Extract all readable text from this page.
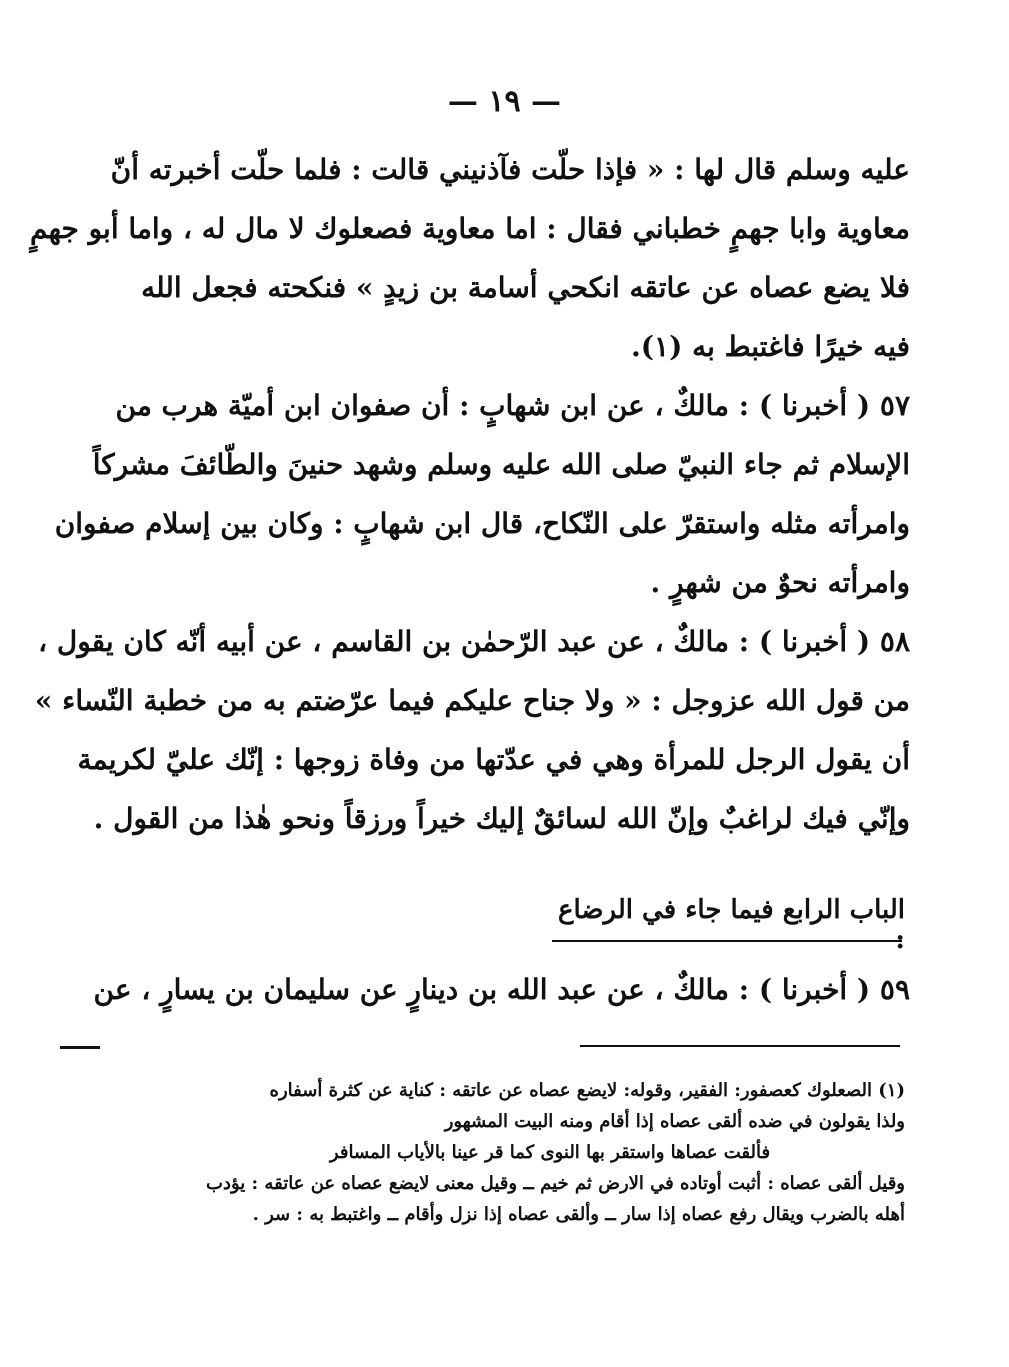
— ١٩ —
عليه وسلم قال لها : « فإذا حلّت فآذنيني قالت : فلما حلّت أخبرته أنّ
معاوية وابا جهمٍ خطباني فقال : اما معاوية فصعلوك لا مال له ، واما أبو جهمٍ
فلا يضع عصاه عن عاتقه انكحي أسامة بن زيدٍ » فنكحته فجعل الله
فيه خيرًا فاغتبط به (١).
٥٧ ( أخبرنا ) : مالكٌ ، عن ابن شهابٍ : أن صفوان ابن أميّة هرب من
الإسلام ثم جاء النبيّ صلى الله عليه وسلم وشهد حنينَ والطّائفَ مشركاً
وامرأته مثله واستقرّ على النّكاح، قال ابن شهابٍ : وكان بين إسلام صفوان
وامرأته نحوٌ من شهرٍ .
٥٨ ( أخبرنا ) : مالكٌ ، عن عبد الرّحمٰن بن القاسم ، عن أبيه أنّه كان يقول ،
من قول الله عزوجل : « ولا جناح عليكم فيما عرّضتم به من خطبة النّساء »
أن يقول الرجل للمرأة وهي في عدّتها من وفاة زوجها : إنّك عليّ لكريمة
وإنّي فيك لراغبٌ وإنّ الله لسائقٌ إليك خيراً ورزقاً ونحو هٰذا من القول .
الباب الرابع فيما جاء في الرضاع :
٥٩ ( أخبرنا ) : مالكٌ ، عن عبد الله بن دينارٍ عن سليمان بن يسارٍ ، عن
(١) الصعلوك كعصفور: الفقير، وقوله: لايضع عصاه عن عاتقه : كناية عن كثرة أسفاره
ولذا يقولون في ضده ألقى عصاه إذا أقام ومنه البيت المشهور
فألقت عصاها واستقر بها النوى كما قر عينا بالأياب المسافر
وقيل ألقى عصاه : أثبت أوتاده في الارض ثم خيم ــ وقيل معنى لايضع عصاه عن عاتقه : يؤدب
أهله بالضرب ويقال رفع عصاه إذا سار ــ وألقى عصاه إذا نزل وأقام ــ واغتبط به : سر .
